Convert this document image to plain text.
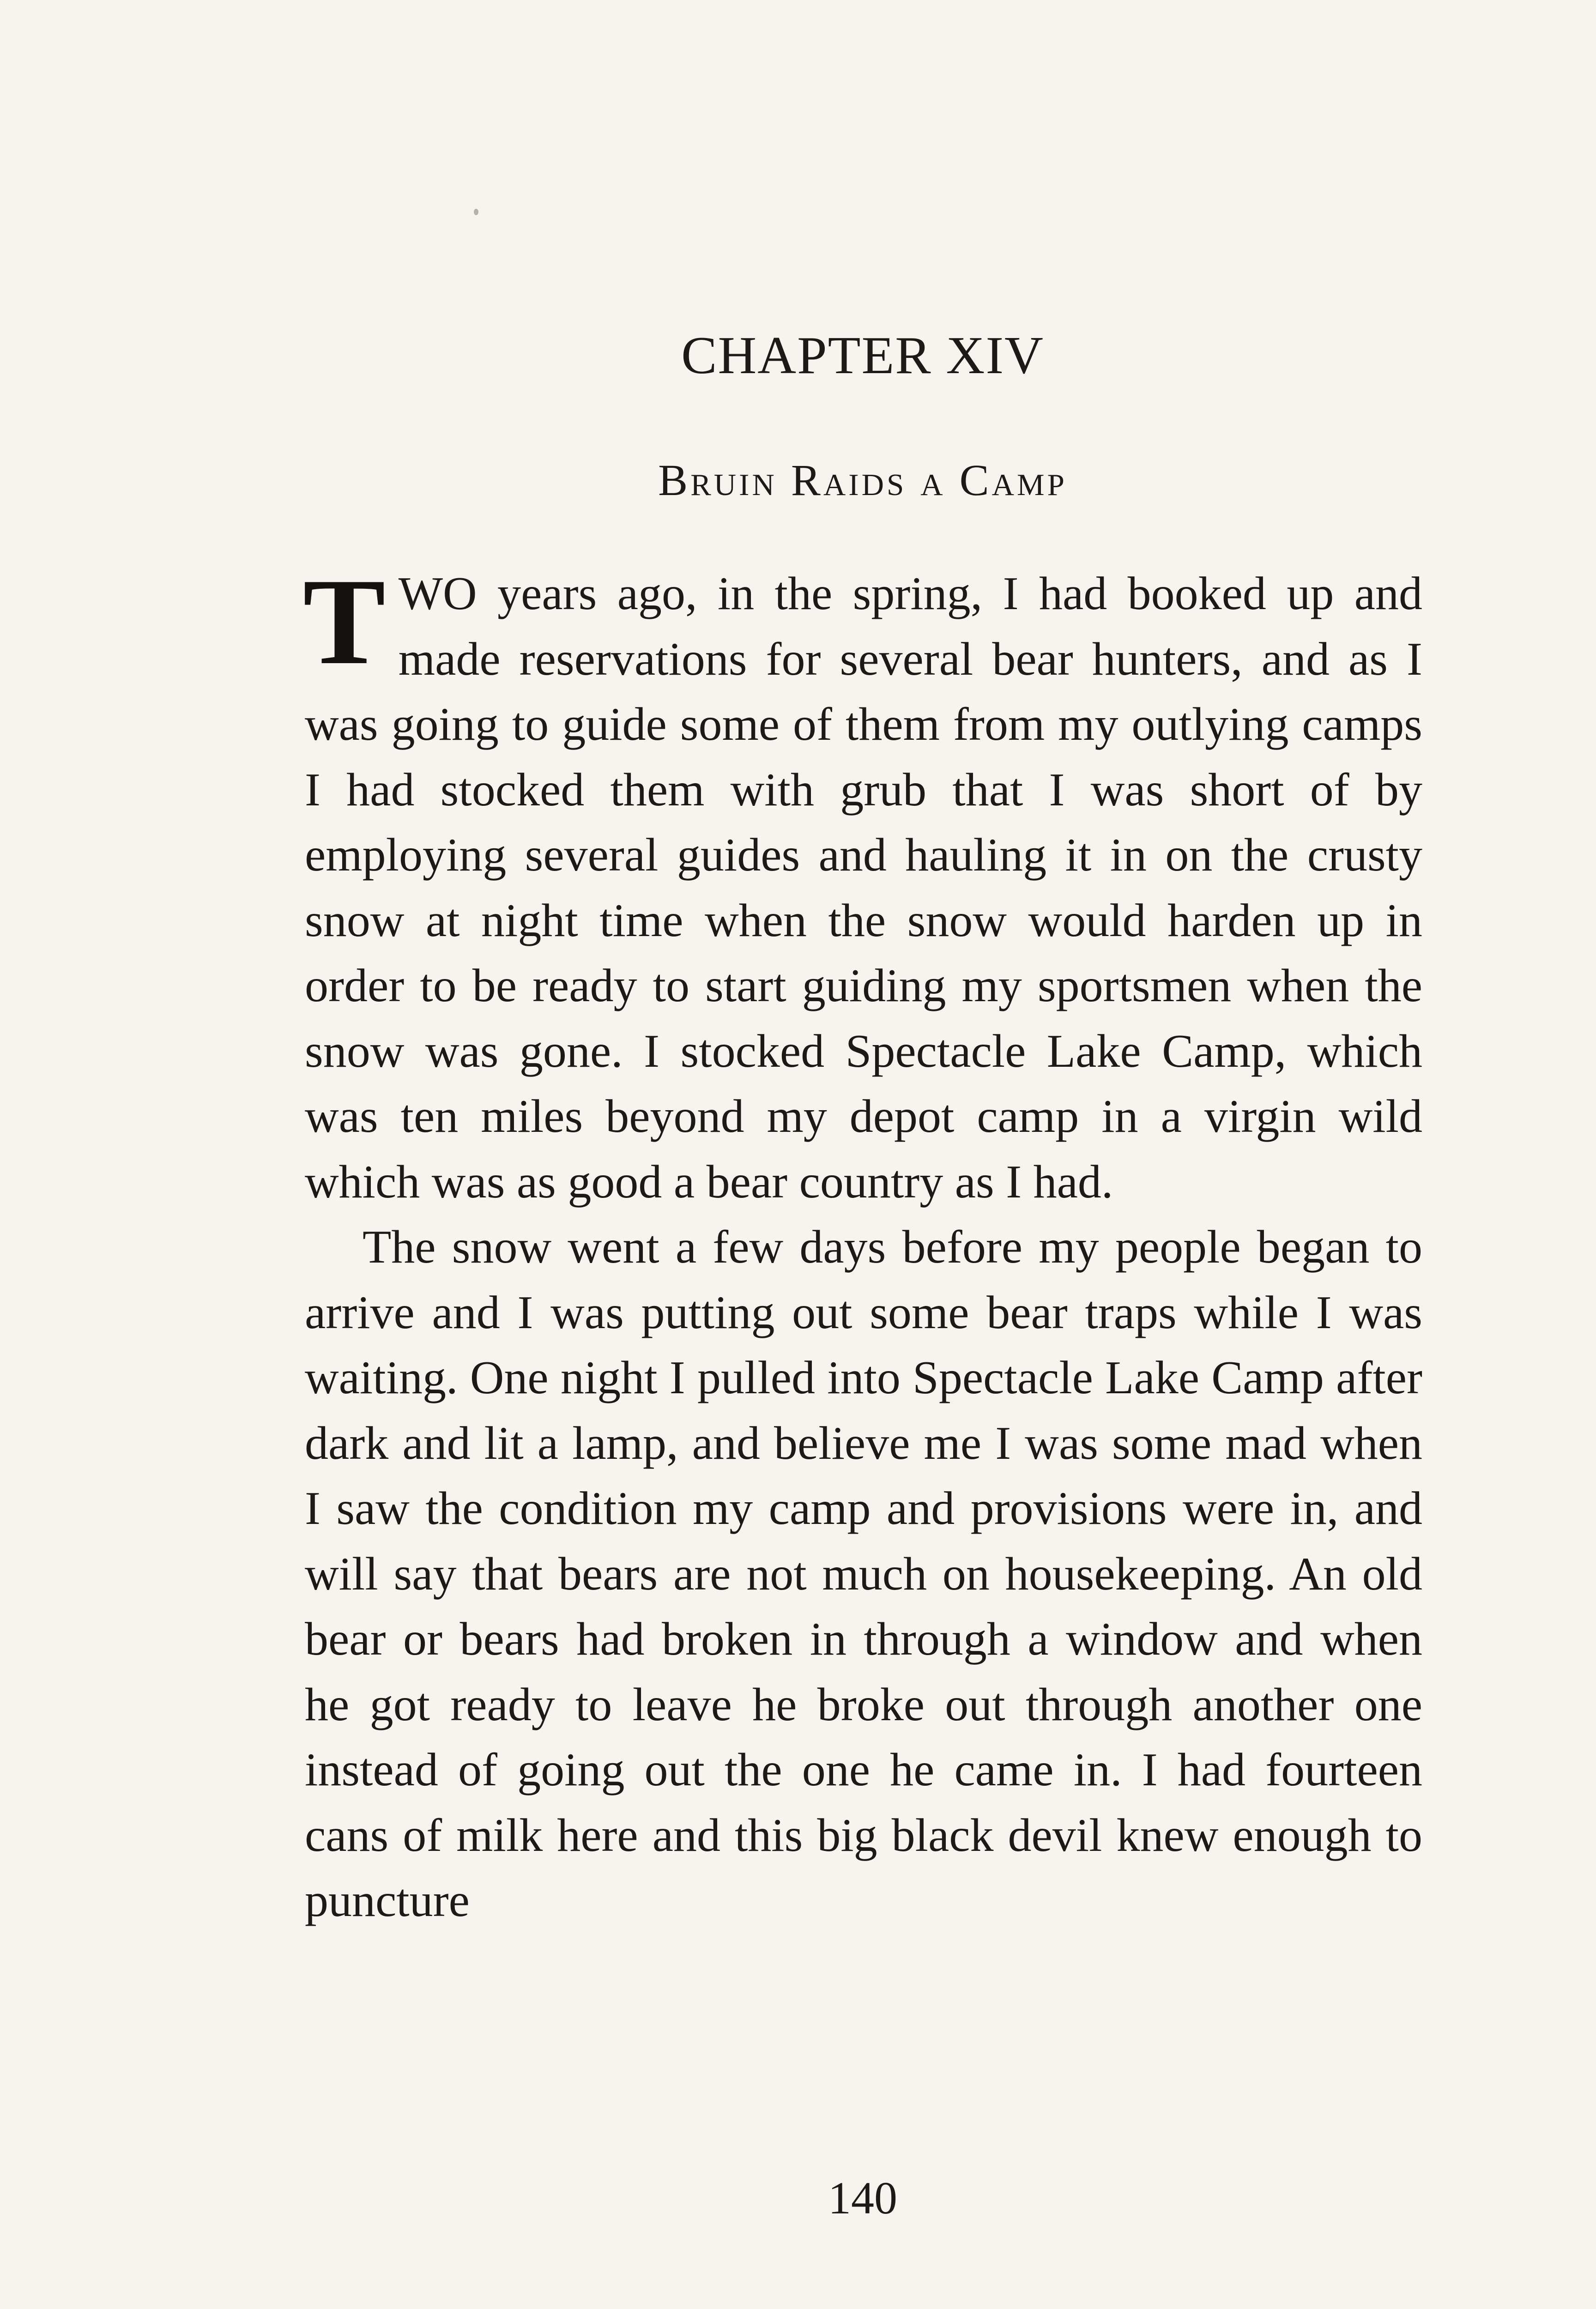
CHAPTER XIV
Bruin Raids a Camp

TWO years ago, in the spring, I had booked up and made reservations for several bear hunters, and as I was going to guide some of them from my outlying camps I had stocked them with grub that I was short of by employing several guides and hauling it in on the crusty snow at night time when the snow would harden up in order to be ready to start guiding my sportsmen when the snow was gone. I stocked Spectacle Lake Camp, which was ten miles beyond my depot camp in a virgin wild which was as good a bear country as I had.

The snow went a few days before my people began to arrive and I was putting out some bear traps while I was waiting. One night I pulled into Spectacle Lake Camp after dark and lit a lamp, and believe me I was some mad when I saw the condition my camp and provisions were in, and will say that bears are not much on housekeeping. An old bear or bears had broken in through a window and when he got ready to leave he broke out through another one instead of going out the one he came in. I had fourteen cans of milk here and this big black devil knew enough to puncture

140
